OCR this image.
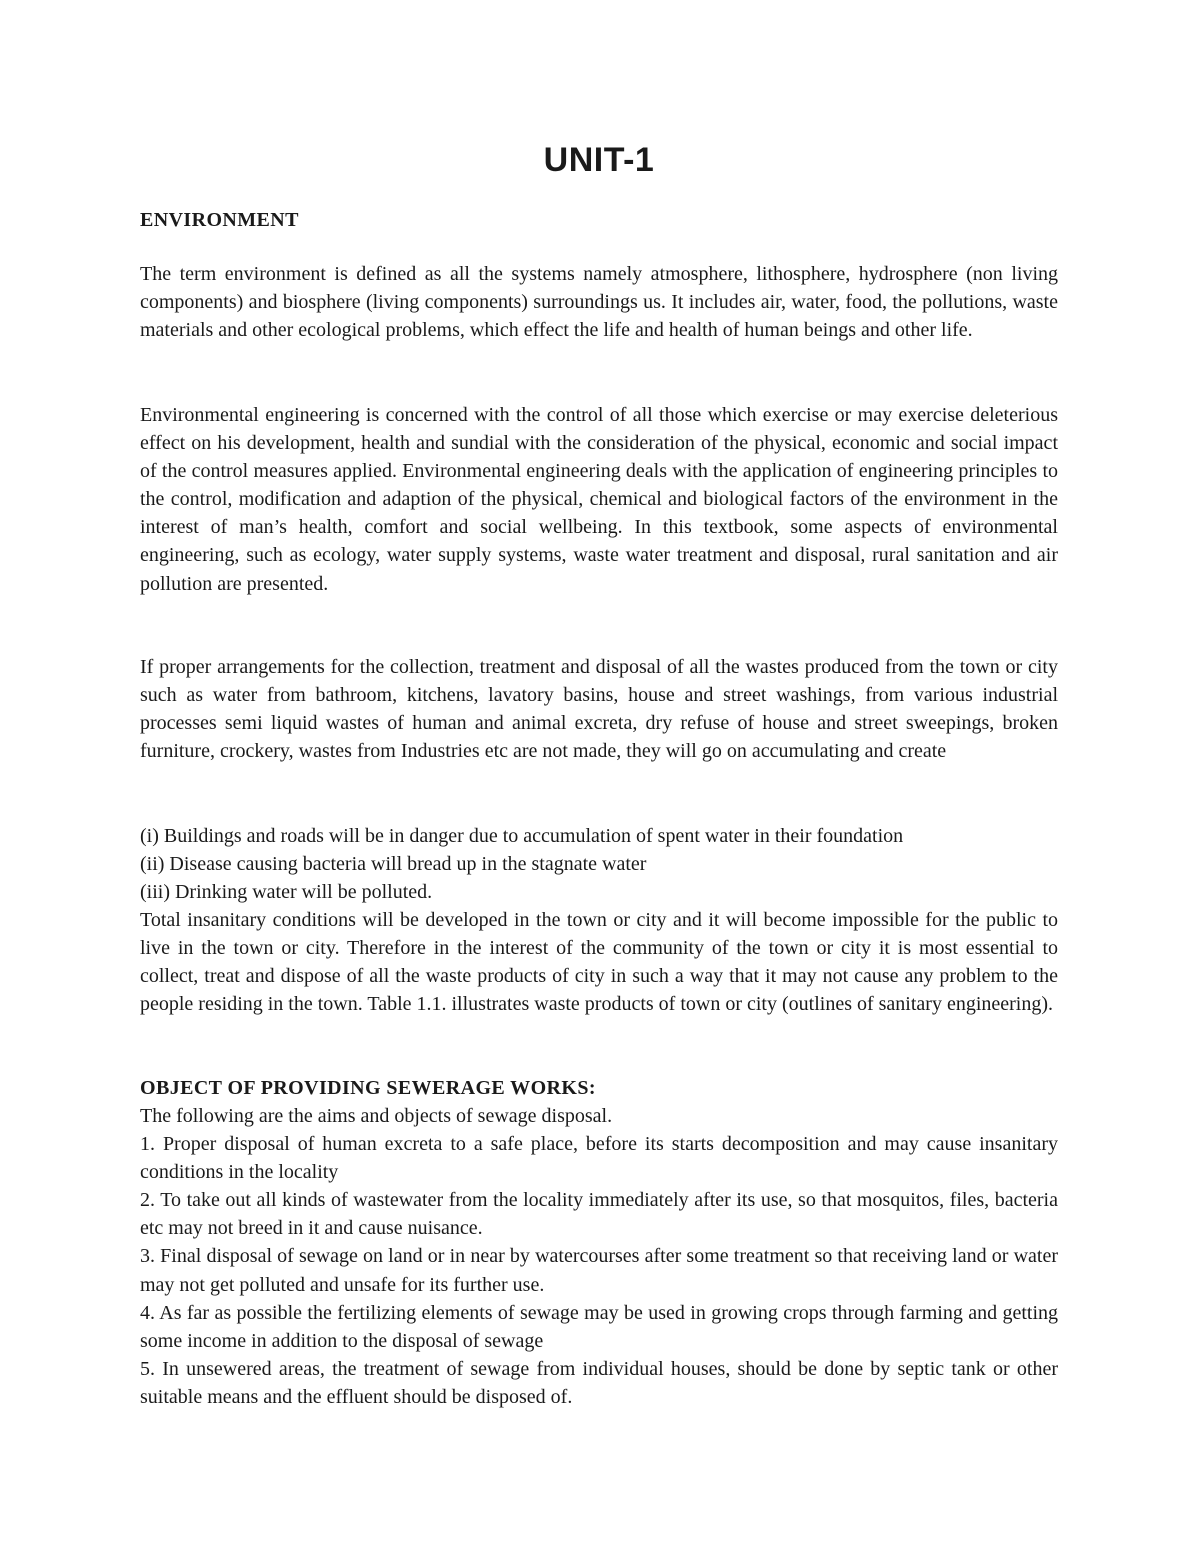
UNIT-1
ENVIRONMENT

The term environment is defined as all the systems namely atmosphere, lithosphere, hydrosphere (non living components) and biosphere (living components) surroundings us. It includes air, water, food, the pollutions, waste materials and other ecological problems, which effect the life and health of human beings and other life.

Environmental engineering is concerned with the control of all those which exercise or may exercise deleterious effect on his development, health and sundial with the consideration of the physical, economic and social impact of the control measures applied. Environmental engineering deals with the application of engineering principles to the control, modification and adaption of the physical, chemical and biological factors of the environment in the interest of man’s health, comfort and social wellbeing. In this textbook, some aspects of environmental engineering, such as ecology, water supply systems, waste water treatment and disposal, rural sanitation and air pollution are presented.

If proper arrangements for the collection, treatment and disposal of all the wastes produced from the town or city such as water from bathroom, kitchens, lavatory basins, house and street washings, from various industrial processes semi liquid wastes of human and animal excreta, dry refuse of house and street sweepings, broken furniture, crockery, wastes from Industries etc are not made, they will go on accumulating and create

(i) Buildings and roads will be in danger due to accumulation of spent water in their foundation
(ii) Disease causing bacteria will bread up in the stagnate water
(iii) Drinking water will be polluted.

Total insanitary conditions will be developed in the town or city and it will become impossible for the public to live in the town or city. Therefore in the interest of the community of the town or city it is most essential to collect, treat and dispose of all the waste products of city in such a way that it may not cause any problem to the people residing in the town. Table 1.1. illustrates waste products of town or city (outlines of sanitary engineering).

OBJECT OF PROVIDING SEWERAGE WORKS:
The following are the aims and objects of sewage disposal.
1. Proper disposal of human excreta to a safe place, before its starts decomposition and may cause insanitary conditions in the locality
2. To take out all kinds of wastewater from the locality immediately after its use, so that mosquitos, files, bacteria etc may not breed in it and cause nuisance.
3. Final disposal of sewage on land or in near by watercourses after some treatment so that receiving land or water may not get polluted and unsafe for its further use.
4. As far as possible the fertilizing elements of sewage may be used in growing crops through farming and getting some income in addition to the disposal of sewage
5. In unsewered areas, the treatment of sewage from individual houses, should be done by septic tank or other suitable means and the effluent should be disposed of.
